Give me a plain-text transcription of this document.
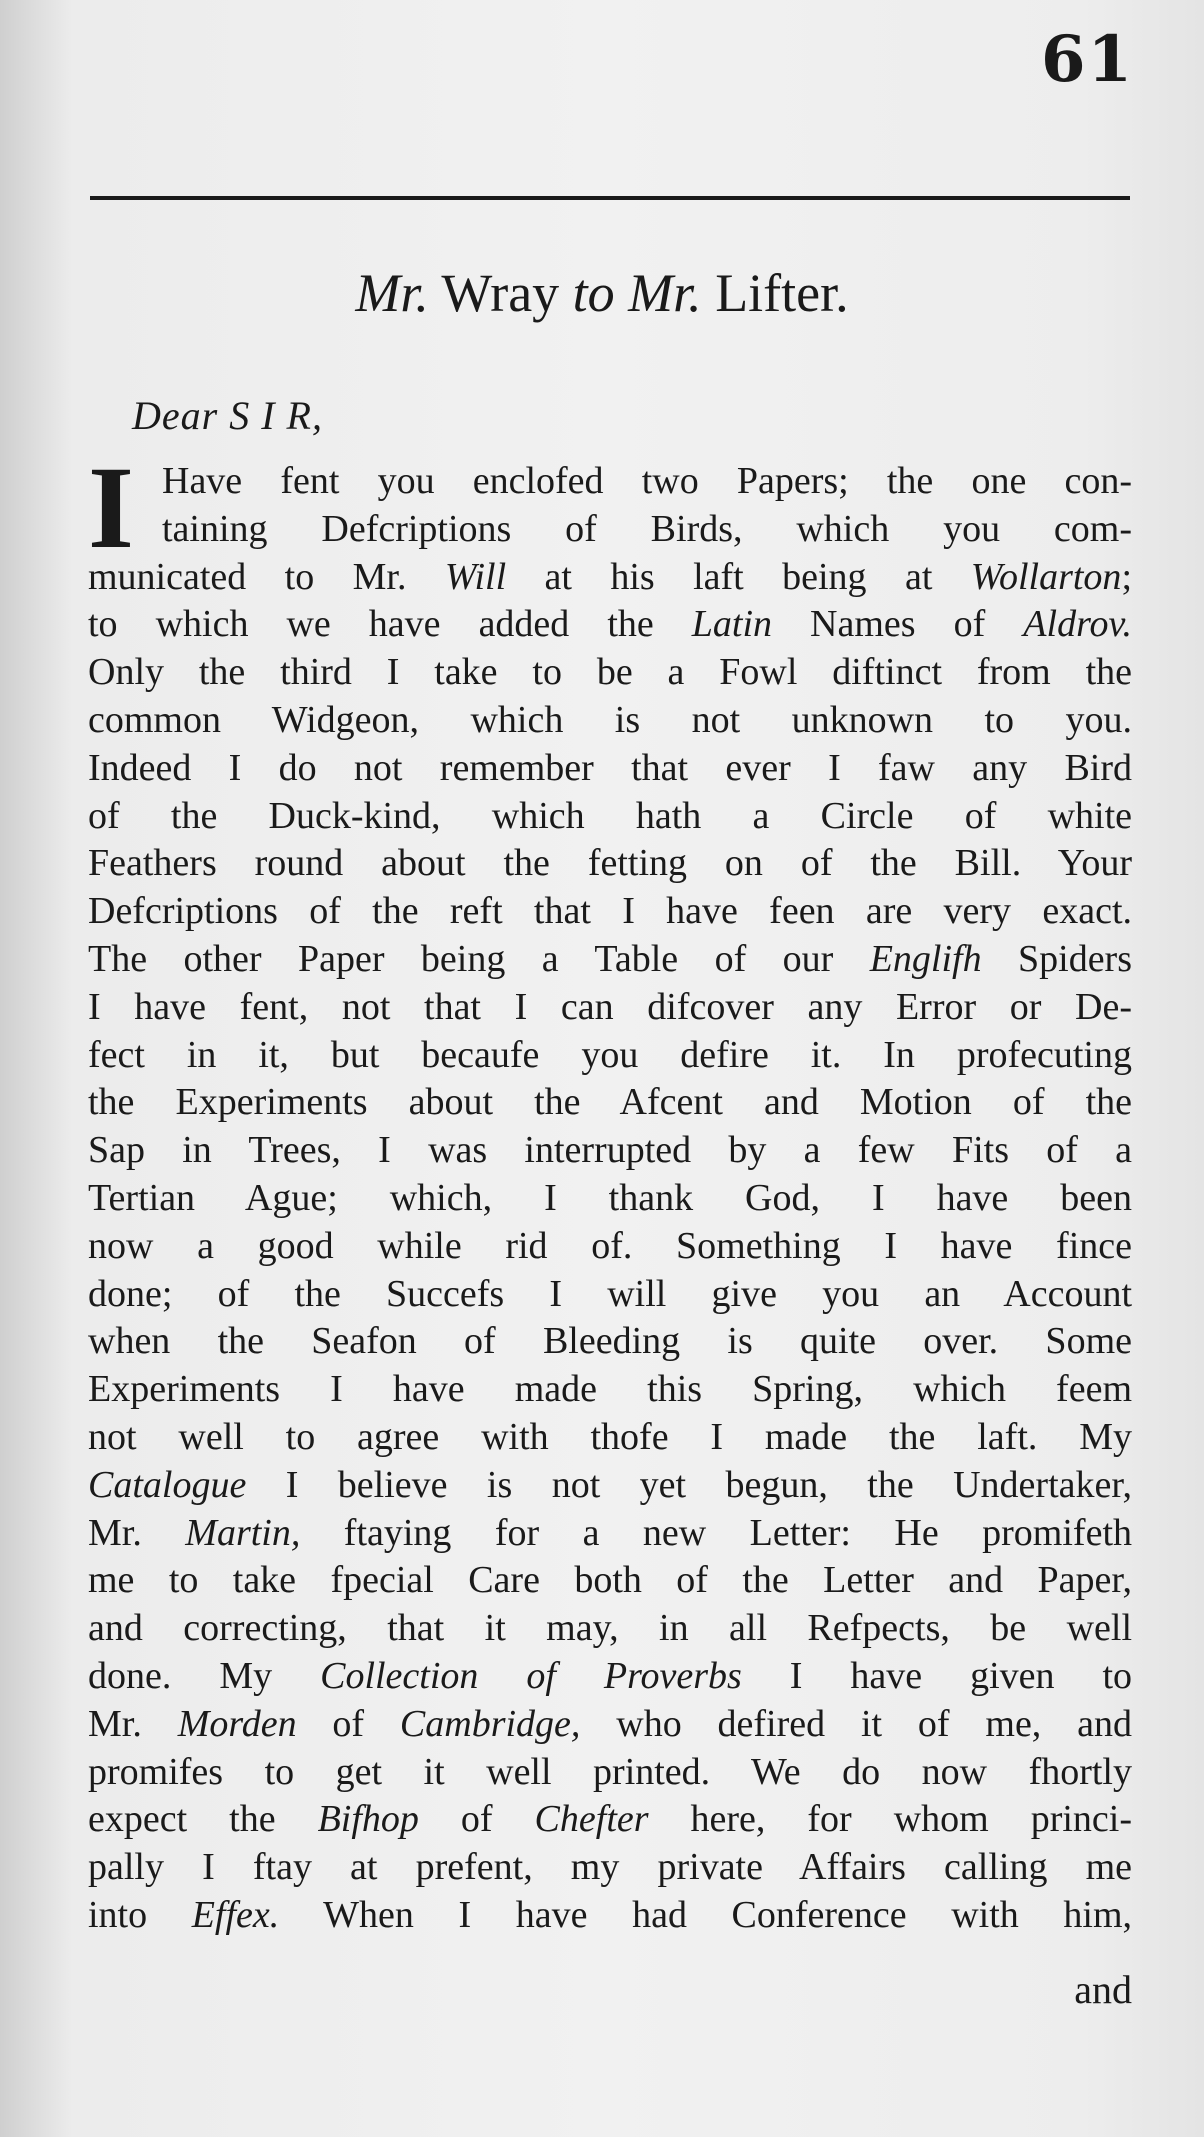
61
Mr. Wray to Mr. Lifter.
Dear S I R,
I Have fent you enclofed two Papers; the one con-
taining Defcriptions of Birds, which you com-
municated to Mr. Will at his laft being at Wollarton;
to which we have added the Latin Names of Aldrov.
Only the third I take to be a Fowl diftinct from the
common Widgeon, which is not unknown to you.
Indeed I do not remember that ever I faw any Bird
of the Duck-kind, which hath a Circle of white
Feathers round about the fetting on of the Bill. Your
Defcriptions of the reft that I have feen are very exact.
The other Paper being a Table of our Englifh Spiders
I have fent, not that I can difcover any Error or De-
fect in it, but becaufe you defire it. In profecuting
the Experiments about the Afcent and Motion of the
Sap in Trees, I was interrupted by a few Fits of a
Tertian Ague; which, I thank God, I have been
now a good while rid of. Something I have fince
done; of the Succefs I will give you an Account
when the Seafon of Bleeding is quite over. Some
Experiments I have made this Spring, which feem
not well to agree with thofe I made the laft. My
Catalogue I believe is not yet begun, the Undertaker,
Mr. Martin, ftaying for a new Letter: He promifeth
me to take fpecial Care both of the Letter and Paper,
and correcting, that it may, in all Refpects, be well
done. My Collection of Proverbs I have given to
Mr. Morden of Cambridge, who defired it of me, and
promifes to get it well printed. We do now fhortly
expect the Bifhop of Chefter here, for whom princi-
pally I ftay at prefent, my private Affairs calling me
into Effex. When I have had Conference with him,
and
